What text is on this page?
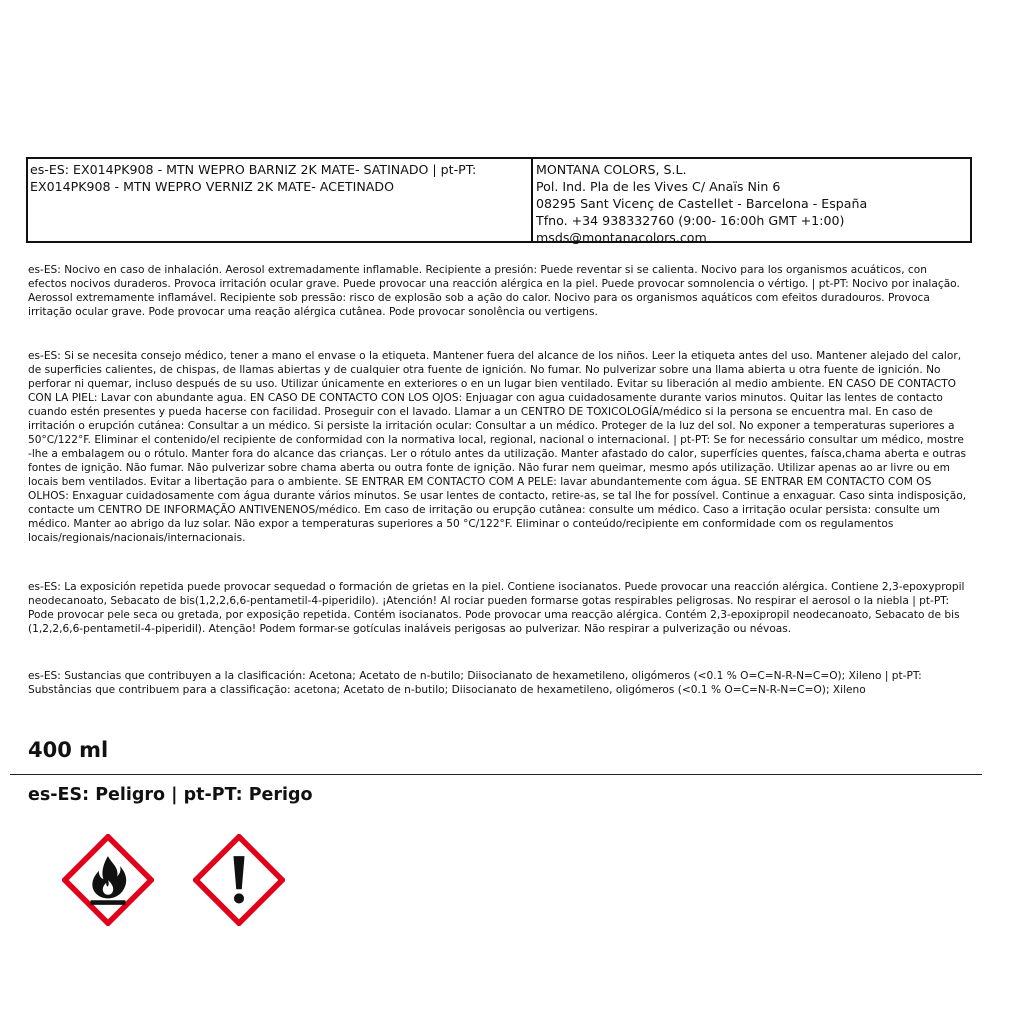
es-ES: EX014PK908 - MTN WEPRO BARNIZ 2K MATE- SATINADO | pt-PT:
EX014PK908 - MTN WEPRO VERNIZ 2K MATE- ACETINADO
MONTANA COLORS, S.L.
Pol. Ind. Pla de les Vives C/ Anaïs Nin 6
08295 Sant Vicenç de Castellet - Barcelona - España
Tfno. +34 938332760 (9:00- 16:00h GMT +1:00)
msds@montanacolors.com
es-ES: Nocivo en caso de inhalación. Aerosol extremadamente inflamable. Recipiente a presión: Puede reventar si se calienta. Nocivo para los organismos acuáticos, con efectos nocivos duraderos. Provoca irritación ocular grave. Puede provocar una reacción alérgica en la piel. Puede provocar somnolencia o vértigo. | pt-PT: Nocivo por inalação. Aerossol extremamente inflamável. Recipiente sob pressão: risco de explosão sob a ação do calor. Nocivo para os organismos aquáticos com efeitos duradouros. Provoca irritação ocular grave. Pode provocar uma reação alérgica cutânea. Pode provocar sonolência ou vertigens.
es-ES: Si se necesita consejo médico, tener a mano el envase o la etiqueta. Mantener fuera del alcance de los niños. Leer la etiqueta antes del uso. Mantener alejado del calor, de superficies calientes, de chispas, de llamas abiertas y de cualquier otra fuente de ignición. No fumar. No pulverizar sobre una llama abierta u otra fuente de ignición. No perforar ni quemar, incluso después de su uso. Utilizar únicamente en exteriores o en un lugar bien ventilado. Evitar su liberación al medio ambiente. EN CASO DE CONTACTO CON LA PIEL: Lavar con abundante agua. EN CASO DE CONTACTO CON LOS OJOS: Enjuagar con agua cuidadosamente durante varios minutos. Quitar las lentes de contacto cuando estén presentes y pueda hacerse con facilidad. Proseguir con el lavado. Llamar a un CENTRO DE TOXICOLOGÍA/médico si la persona se encuentra mal. En caso de irritación o erupción cutánea: Consultar a un médico. Si persiste la irritación ocular: Consultar a un médico. Proteger de la luz del sol. No exponer a temperaturas superiores a 50°C/122°F. Eliminar el contenido/el recipiente de conformidad con la normativa local, regional, nacional o internacional. | pt-PT: Se for necessário consultar um médico, mostre -lhe a embalagem ou o rótulo. Manter fora do alcance das crianças. Ler o rótulo antes da utilização. Manter afastado do calor, superfícies quentes, faísca,chama aberta e outras fontes de ignição. Não fumar. Não pulverizar sobre chama aberta ou outra fonte de ignição. Não furar nem queimar, mesmo após utilização. Utilizar apenas ao ar livre ou em locais bem ventilados. Evitar a libertação para o ambiente. SE ENTRAR EM CONTACTO COM A PELE: lavar abundantemente com água. SE ENTRAR EM CONTACTO COM OS OLHOS: Enxaguar cuidadosamente com água durante vários minutos. Se usar lentes de contacto, retire-as, se tal lhe for possível. Continue a enxaguar. Caso sinta indisposição, contacte um CENTRO DE INFORMAÇÃO ANTIVENENOS/médico. Em caso de irritação ou erupção cutânea: consulte um médico. Caso a irritação ocular persista: consulte um médico. Manter ao abrigo da luz solar. Não expor a temperaturas superiores a 50 °C/122°F. Eliminar o conteúdo/recipiente em conformidade com os regulamentos locais/regionais/nacionais/internacionais.
es-ES: La exposición repetida puede provocar sequedad o formación de grietas en la piel. Contiene isocianatos. Puede provocar una reacción alérgica. Contiene 2,3-epoxypropil neodecanoato, Sebacato de bis(1,2,2,6,6-pentametil-4-piperidilo). ¡Atención! Al rociar pueden formarse gotas respirables peligrosas. No respirar el aerosol o la niebla | pt-PT: Pode provocar pele seca ou gretada, por exposição repetida. Contém isocianatos. Pode provocar uma reacção alérgica. Contém 2,3-epoxipropil neodecanoato, Sebacato de bis (1,2,2,6,6-pentametil-4-piperidil). Atenção! Podem formar-se gotículas inaláveis perigosas ao pulverizar. Não respirar a pulverização ou névoas.
es-ES: Sustancias que contribuyen a la clasificación: Acetona; Acetato de n-butilo; Diisocianato de hexametileno, oligómeros (<0.1 % O=C=N-R-N=C=O); Xileno | pt-PT: Substâncias que contribuem para a classificação: acetona; Acetato de n-butilo; Diisocianato de hexametileno, oligómeros (<0.1 % O=C=N-R-N=C=O); Xileno
400 ml
es-ES: Peligro | pt-PT: Perigo
